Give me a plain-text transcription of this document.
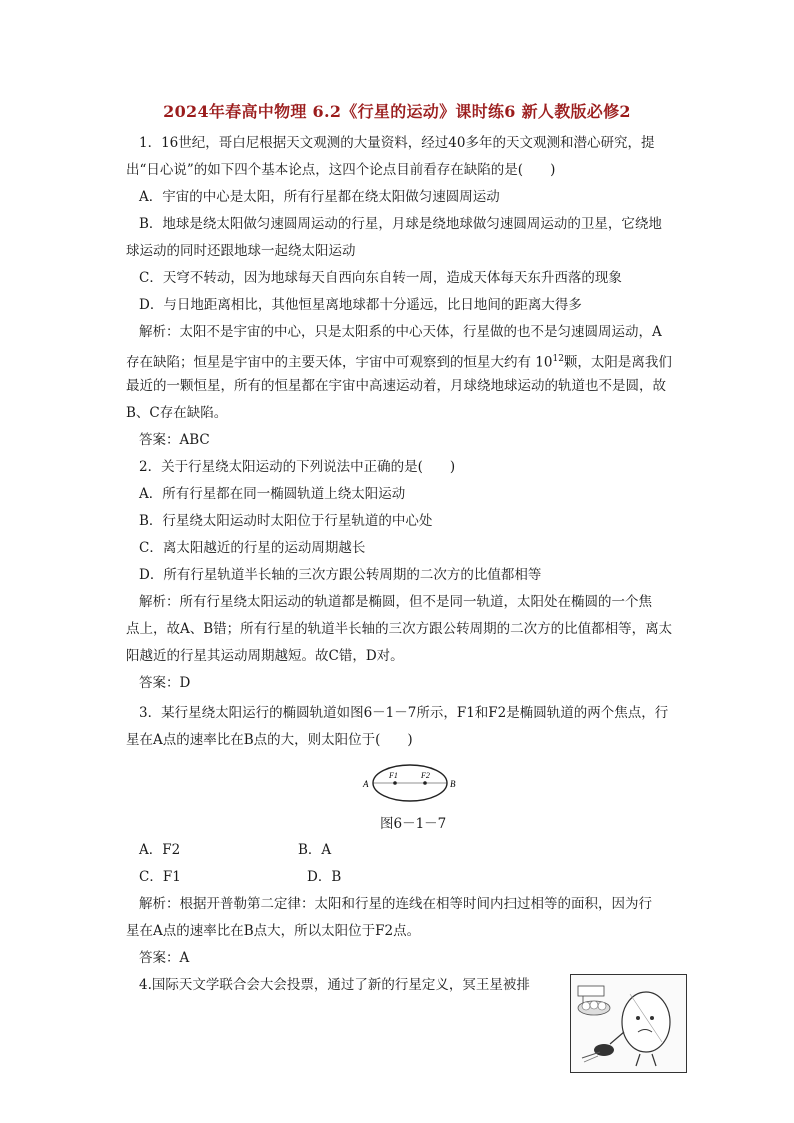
2024年春高中物理 6.2《行星的运动》课时练6 新人教版必修2
1．16世纪，哥白尼根据天文观测的大量资料，经过40多年的天文观测和潜心研究，提
出“日心说”的如下四个基本论点，这四个论点目前看存在缺陷的是(　　)
A．宇宙的中心是太阳，所有行星都在绕太阳做匀速圆周运动
B．地球是绕太阳做匀速圆周运动的行星，月球是绕地球做匀速圆周运动的卫星，它绕地
球运动的同时还跟地球一起绕太阳运动
C．天穹不转动，因为地球每天自西向东自转一周，造成天体每天东升西落的现象
D．与日地距离相比，其他恒星离地球都十分遥远，比日地间的距离大得多
解析：太阳不是宇宙的中心，只是太阳系的中心天体，行星做的也不是匀速圆周运动，A
存在缺陷；恒星是宇宙中的主要天体，宇宙中可观察到的恒星大约有 $10^{12}$颗，太阳是离我们
最近的一颗恒星，所有的恒星都在宇宙中高速运动着，月球绕地球运动的轨道也不是圆，故
B、C存在缺陷。
答案：ABC
2．关于行星绕太阳运动的下列说法中正确的是(　　)
A．所有行星都在同一椭圆轨道上绕太阳运动
B．行星绕太阳运动时太阳位于行星轨道的中心处
C．离太阳越近的行星的运动周期越长
D．所有行星轨道半长轴的三次方跟公转周期的二次方的比值都相等
解析：所有行星绕太阳运动的轨道都是椭圆，但不是同一轨道，太阳处在椭圆的一个焦
点上，故A、B错；所有行星的轨道半长轴的三次方跟公转周期的二次方的比值都相等，离太
阳越近的行星其运动周期越短。故C错，D对。
答案：D
3．某行星绕太阳运行的椭圆轨道如图6－1－7所示，F1和F2是椭圆轨道的两个焦点，行
星在A点的速率比在B点的大，则太阳位于(　　)
A	B
F1	F2
图6－1－7
A．F2	B．A
C．F1	D．B
解析：根据开普勒第二定律：太阳和行星的连线在相等时间内扫过相等的面积，因为行
星在A点的速率比在B点大，所以太阳位于F2点。
答案：A
4.国际天文学联合会大会投票，通过了新的行星定义，冥王星被排
